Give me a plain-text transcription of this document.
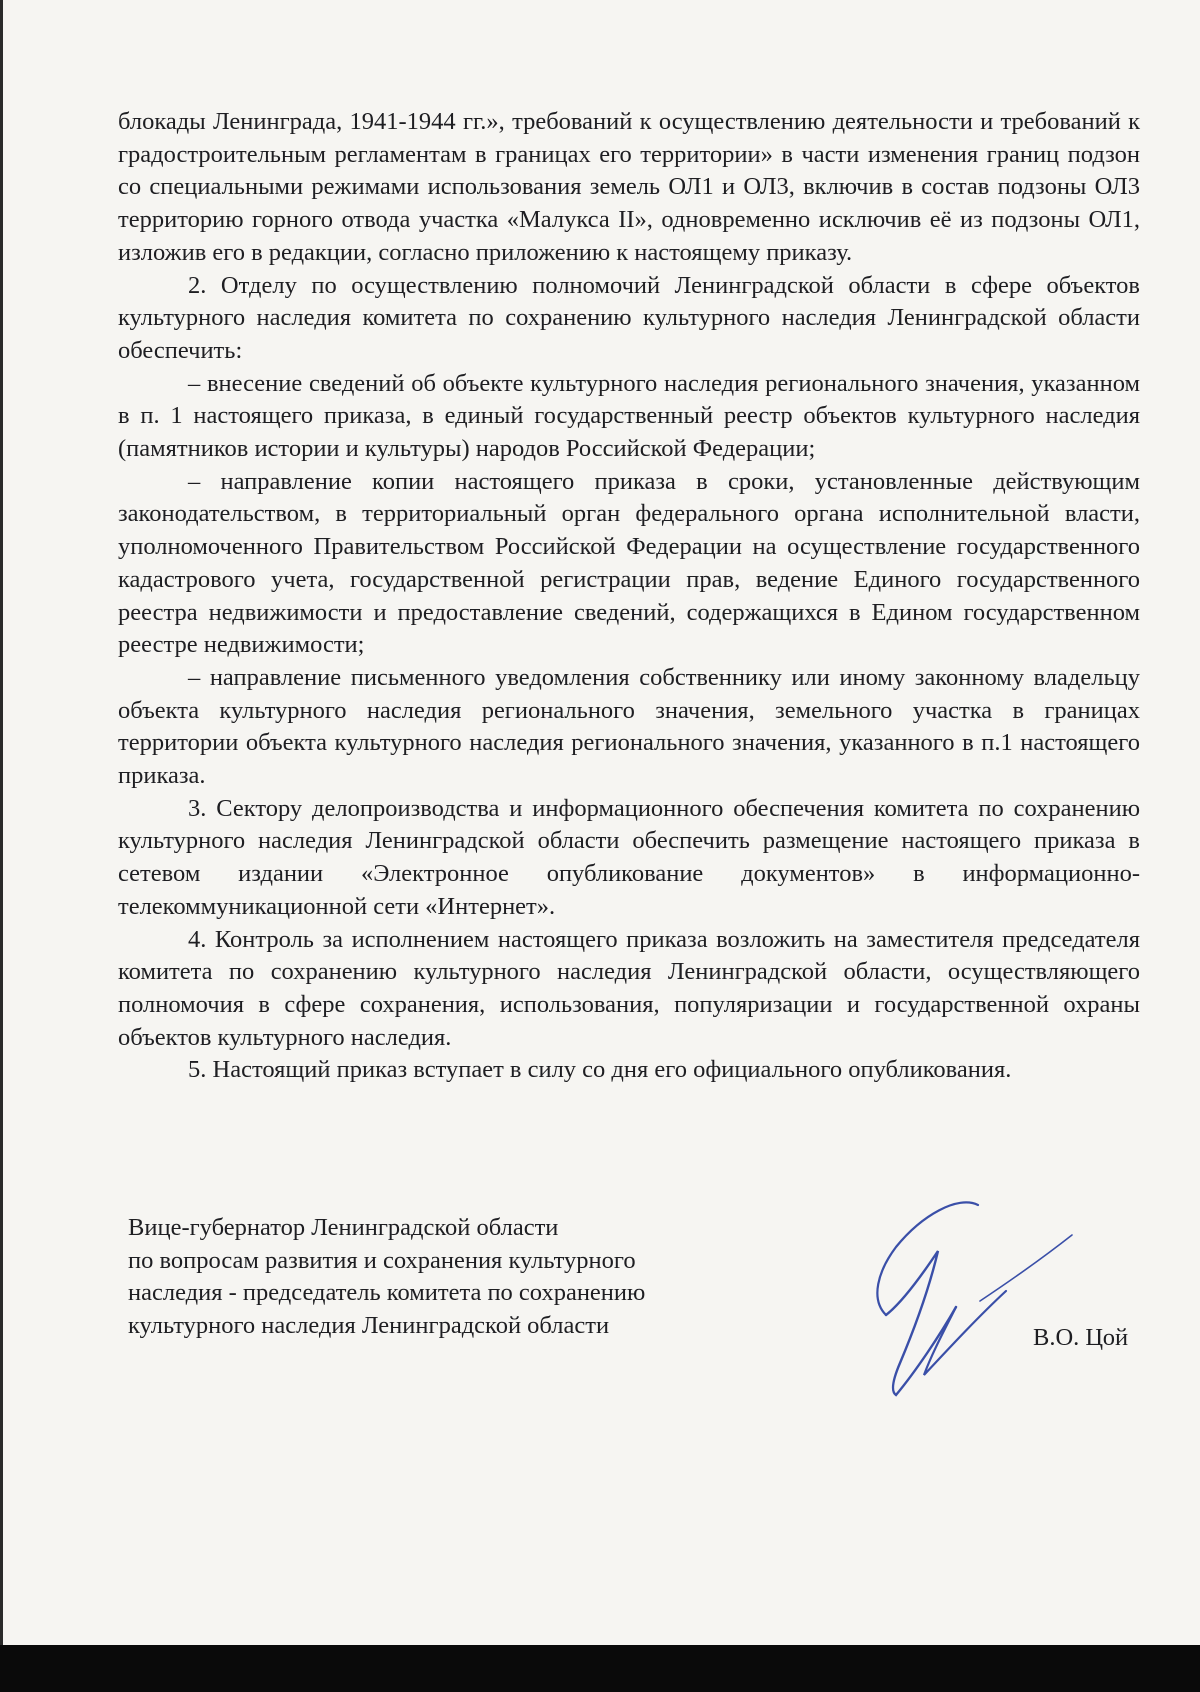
блокады Ленинграда, 1941-1944 гг.», требований к осуществлению деятельности и требований к градостроительным регламентам в границах его территории» в части изменения границ подзон со специальными режимами использования земель ОЛ1 и ОЛ3, включив в состав подзоны ОЛ3 территорию горного отвода участка «Малукса II», одновременно исключив её из подзоны ОЛ1, изложив его в редакции, согласно приложению к настоящему приказу.

2. Отделу по осуществлению полномочий Ленинградской области в сфере объектов культурного наследия комитета по сохранению культурного наследия Ленинградской области обеспечить:

– внесение сведений об объекте культурного наследия регионального значения, указанном в п. 1 настоящего приказа, в единый государственный реестр объектов культурного наследия (памятников истории и культуры) народов Российской Федерации;

– направление копии настоящего приказа в сроки, установленные действующим законодательством, в территориальный орган федерального органа исполнительной власти, уполномоченного Правительством Российской Федерации на осуществление государственного кадастрового учета, государственной регистрации прав, ведение Единого государственного реестра недвижимости и предоставление сведений, содержащихся в Едином государственном реестре недвижимости;

– направление письменного уведомления собственнику или иному законному владельцу объекта культурного наследия регионального значения, земельного участка в границах территории объекта культурного наследия регионального значения, указанного в п.1 настоящего приказа.

3. Сектору делопроизводства и информационного обеспечения комитета по сохранению культурного наследия Ленинградской области обеспечить размещение настоящего приказа в сетевом издании «Электронное опубликование документов» в информационно-телекоммуникационной сети «Интернет».

4. Контроль за исполнением настоящего приказа возложить на заместителя председателя комитета по сохранению культурного наследия Ленинградской области, осуществляющего полномочия в сфере сохранения, использования, популяризации и государственной охраны объектов культурного наследия.

5. Настоящий приказ вступает в силу со дня его официального опубликования.

Вице-губернатор Ленинградской области
по вопросам развития и сохранения культурного
наследия - председатель комитета по сохранению
культурного наследия Ленинградской области	В.О. Цой
